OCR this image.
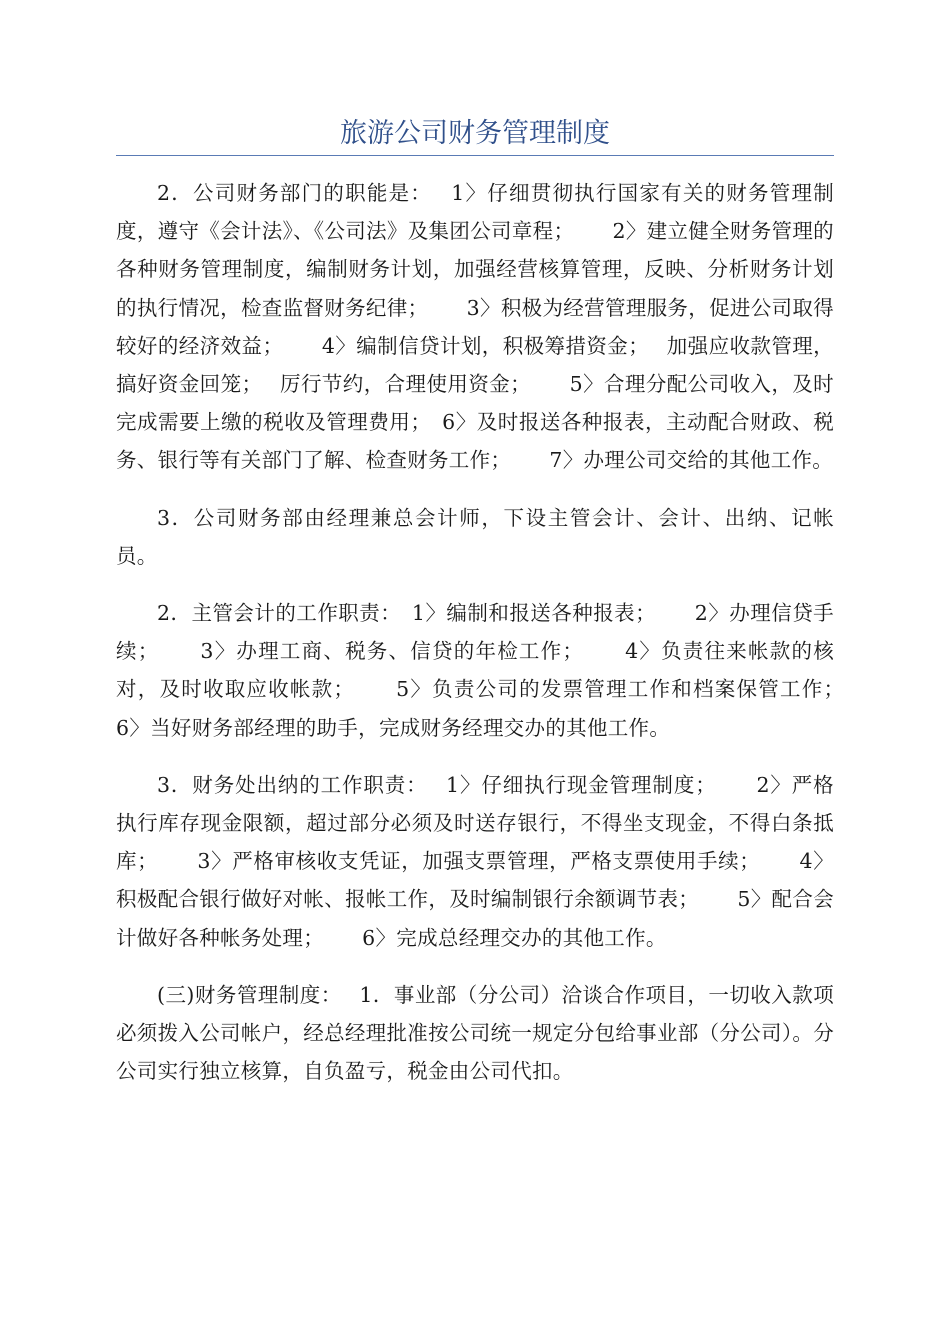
旅游公司财务管理制度

2．公司财务部门的职能是：　 1〉仔细贯彻执行国家有关的财务管理制度，遵守《会计法》、《公司法》及集团公司章程；　　 2〉建立健全财务管理的各种财务管理制度，编制财务计划，加强经营核算管理，反映、分析财务计划的执行情况，检查监督财务纪律；　　 3〉积极为经营管理服务，促进公司取得较好的经济效益；　　 4〉编制信贷计划，积极筹措资金；　 加强应收款管理，搞好资金回笼；　 厉行节约，合理使用资金；　　 5〉合理分配公司收入，及时完成需要上缴的税收及管理费用；　6〉及时报送各种报表，主动配合财政、税务、银行等有关部门了解、检查财务工作；　　 7〉办理公司交给的其他工作。

3．公司财务部由经理兼总会计师，下设主管会计、会计、出纳、记帐员。

2．主管会计的工作职责：　1〉编制和报送各种报表；　　 2〉办理信贷手续；　　 3〉办理工商、税务、信贷的年检工作；　　 4〉负责往来帐款的核对，及时收取应收帐款；　　 5〉负责公司的发票管理工作和档案保管工作；　　 6〉当好财务部经理的助手，完成财务经理交办的其他工作。

3．财务处出纳的工作职责：　 1〉仔细执行现金管理制度；　　 2〉严格执行库存现金限额，超过部分必须及时送存银行，不得坐支现金，不得白条抵库；　　 3〉严格审核收支凭证，加强支票管理，严格支票使用手续；　　 4〉积极配合银行做好对帐、报帐工作，及时编制银行余额调节表；　　 5〉配合会计做好各种帐务处理；　　 6〉完成总经理交办的其他工作。

(三)财务管理制度：　 1．事业部（分公司）洽谈合作项目，一切收入款项必须拨入公司帐户，经总经理批准按公司统一规定分包给事业部（分公司）。分公司实行独立核算，自负盈亏，税金由公司代扣。
